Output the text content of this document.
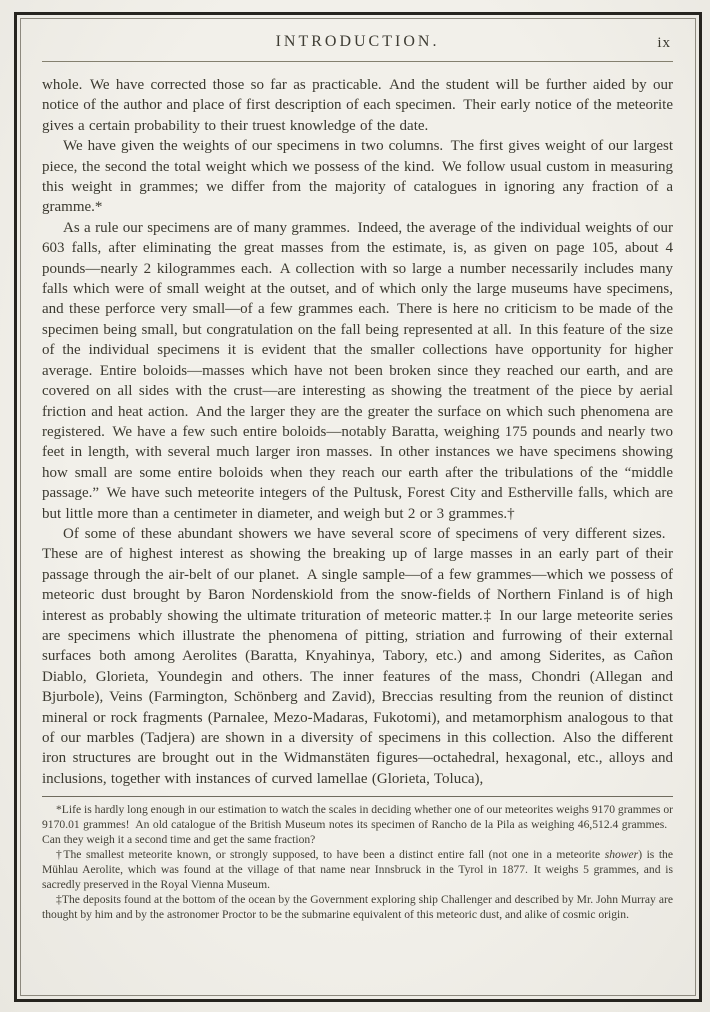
INTRODUCTION.	ix

whole. We have corrected those so far as practicable. And the student will be further aided by our notice of the author and place of first description of each specimen. Their early notice of the meteorite gives a certain probability to their truest knowledge of the date.

We have given the weights of our specimens in two columns. The first gives weight of our largest piece, the second the total weight which we possess of the kind. We follow usual custom in measuring this weight in grammes; we differ from the majority of catalogues in ignoring any fraction of a gramme.*

As a rule our specimens are of many grammes. Indeed, the average of the individual weights of our 603 falls, after eliminating the great masses from the estimate, is, as given on page 105, about 4 pounds—nearly 2 kilogrammes each. A collection with so large a number necessarily includes many falls which were of small weight at the outset, and of which only the large museums have specimens, and these perforce very small—of a few grammes each. There is here no criticism to be made of the specimen being small, but congratulation on the fall being represented at all. In this feature of the size of the individual specimens it is evident that the smaller collections have opportunity for higher average. Entire boloids—masses which have not been broken since they reached our earth, and are covered on all sides with the crust—are interesting as showing the treatment of the piece by aerial friction and heat action. And the larger they are the greater the surface on which such phenomena are registered. We have a few such entire boloids—notably Baratta, weighing 175 pounds and nearly two feet in length, with several much larger iron masses. In other instances we have specimens showing how small are some entire boloids when they reach our earth after the tribulations of the “middle passage.” We have such meteorite integers of the Pultusk, Forest City and Estherville falls, which are but little more than a centimeter in diameter, and weigh but 2 or 3 grammes.†

Of some of these abundant showers we have several score of specimens of very different sizes. These are of highest interest as showing the breaking up of large masses in an early part of their passage through the air-belt of our planet. A single sample—of a few grammes—which we possess of meteoric dust brought by Baron Nordenskiold from the snow-fields of Northern Finland is of high interest as probably showing the ultimate trituration of meteoric matter.‡ In our large meteorite series are specimens which illustrate the phenomena of pitting, striation and furrowing of their external surfaces both among Aerolites (Baratta, Knyahinya, Tabory, etc.) and among Siderites, as Cañon Diablo, Glorieta, Youndegin and others. The inner features of the mass, Chondri (Allegan and Bjurbole), Veins (Farmington, Schönberg and Zavid), Breccias resulting from the reunion of distinct mineral or rock fragments (Parnalee, Mezo-Madaras, Fukotomi), and metamorphism analogous to that of our marbles (Tadjera) are shown in a diversity of specimens in this collection. Also the different iron structures are brought out in the Widmanstäten figures—octahedral, hexagonal, etc., alloys and inclusions, together with instances of curved lamellae (Glorieta, Toluca),

*Life is hardly long enough in our estimation to watch the scales in deciding whether one of our meteorites weighs 9170 grammes or 9170.01 grammes! An old catalogue of the British Museum notes its specimen of Rancho de la Pila as weighing 46,512.4 grammes. Can they weigh it a second time and get the same fraction?

†The smallest meteorite known, or strongly supposed, to have been a distinct entire fall (not one in a meteorite shower) is the Mühlau Aerolite, which was found at the village of that name near Innsbruck in the Tyrol in 1877. It weighs 5 grammes, and is sacredly preserved in the Royal Vienna Museum.

‡The deposits found at the bottom of the ocean by the Government exploring ship Challenger and described by Mr. John Murray are thought by him and by the astronomer Proctor to be the submarine equivalent of this meteoric dust, and alike of cosmic origin.
